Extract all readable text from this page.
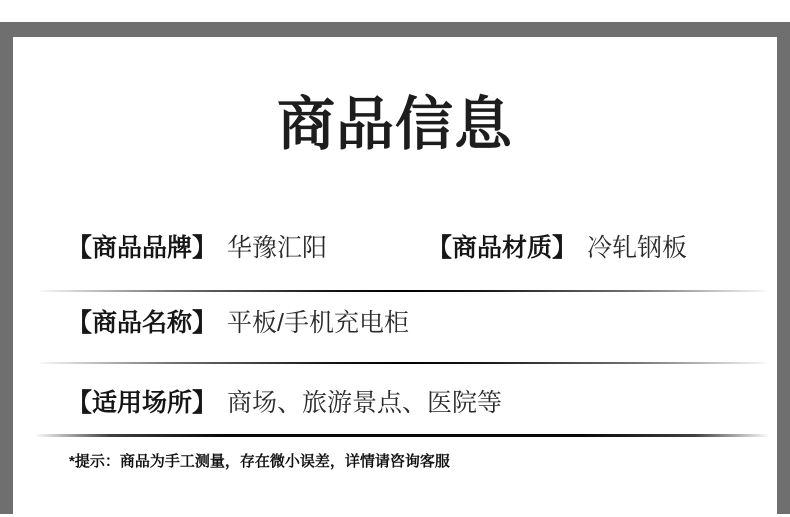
商品信息
【商品品牌】 华豫汇阳	【商品材质】 冷轧钢板
【商品名称】 平板/手机充电柜
【适用场所】 商场、旅游景点、医院等
*提示：商品为手工测量，存在微小误差，详情请咨询客服
